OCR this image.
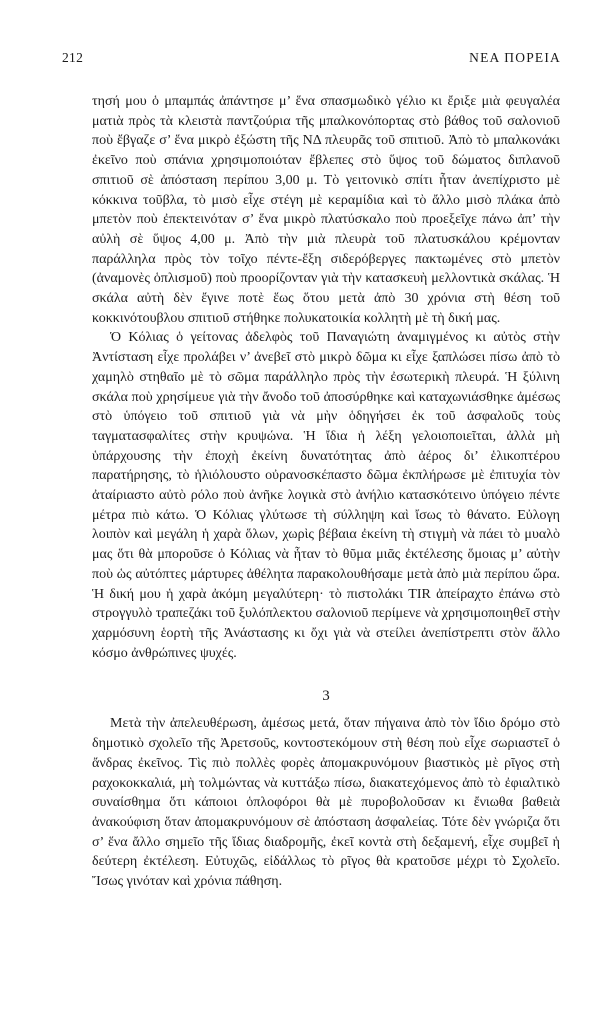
212	ΝΕΑ ΠΟΡΕΙΑ

τησή μου ὁ μπαμπάς ἀπάντησε μ’ ἕνα σπασμωδικὸ γέλιο κι ἔριξε μιὰ φευγαλέα ματιὰ πρὸς τὰ κλειστὰ παντζούρια τῆς μπαλκονόπορτας στὸ βάθος τοῦ σαλονιοῦ ποὺ ἔβγαζε σ’ ἕνα μικρὸ ἐξώστη τῆς ΝΔ πλευρᾶς τοῦ σπιτιοῦ. Ἀπὸ τὸ μπαλκονάκι ἐκεῖνο ποὺ σπάνια χρησιμοποιόταν ἔβλεπες στὸ ὕψος τοῦ δώματος διπλανοῦ σπιτιοῦ σὲ ἀπόσταση περίπου 3,00 μ. Τὸ γειτονικὸ σπίτι ἦταν ἀνεπίχριστο μὲ κόκκινα τοῦβλα, τὸ μισὸ εἶχε στέγη μὲ κεραμίδια καὶ τὸ ἄλλο μισὸ πλάκα ἀπὸ μπετὸν ποὺ ἐπεκτεινόταν σ’ ἕνα μικρὸ πλατύσκαλο ποὺ προεξεῖχε πάνω ἀπ’ τὴν αὐλὴ σὲ ὕψος 4,00 μ. Ἀπὸ τὴν μιὰ πλευρὰ τοῦ πλατυσκάλου κρέμονταν παράλληλα πρὸς τὸν τοῖχο πέντε-ἔξη σιδερόβεργες πακτωμένες στὸ μπετὸν (ἀναμονὲς ὁπλισμοῦ) ποὺ προορίζονταν γιὰ τὴν κατασκευὴ μελλοντικὰ σκάλας. Ἡ σκάλα αὐτὴ δὲν ἔγινε ποτὲ ἕως ὅτου μετὰ ἀπὸ 30 χρόνια στὴ θέση τοῦ κοκκινότουβλου σπιτιοῦ στήθηκε πολυκατοικία κολλητὴ μὲ τὴ δική μας.

Ὁ Κόλιας ὁ γείτονας ἀδελφὸς τοῦ Παναγιώτη ἀναμιγμένος κι αὐτὸς στὴν Ἀντίσταση εἶχε προλάβει ν’ ἀνεβεῖ στὸ μικρὸ δῶμα κι εἶχε ξαπλώσει πίσω ἀπὸ τὸ χαμηλὸ στηθαῖο μὲ τὸ σῶμα παράλληλο πρὸς τὴν ἐσωτερικὴ πλευρά. Ἡ ξύλινη σκάλα ποὺ χρησίμευε γιὰ τὴν ἄνοδο τοῦ ἀποσύρθηκε καὶ καταχωνιάσθηκε ἀμέσως στὸ ὑπόγειο τοῦ σπιτιοῦ γιὰ νὰ μὴν ὁδηγήσει ἐκ τοῦ ἀσφαλοῦς τοὺς ταγματασφαλίτες στὴν κρυψώνα. Ἡ ἴδια ἡ λέξη γελοιοποιεῖται, ἀλλὰ μὴ ὑπάρχουσης τὴν ἐποχὴ ἐκείνη δυνατότητας ἀπὸ ἀέρος δι’ ἑλικοπτέρου παρατήρησης, τὸ ἡλιόλουστο οὐρανοσκέπαστο δῶμα ἐκπλήρωσε μὲ ἐπιτυχία τὸν ἀταίριαστο αὐτὸ ρόλο ποὺ ἀνῆκε λογικὰ στὸ ἀνήλιο κατασκότεινο ὑπόγειο πέντε μέτρα πιὸ κάτω. Ὁ Κόλιας γλύτωσε τὴ σύλληψη καὶ ἴσως τὸ θάνατο. Εὐλογη λοιπὸν καὶ μεγάλη ἡ χαρὰ ὅλων, χωρὶς βέβαια ἐκείνη τὴ στιγμὴ νὰ πάει τὸ μυαλὸ μας ὅτι θὰ μποροῦσε ὁ Κόλιας νὰ ἦταν τὸ θῦμα μιᾶς ἐκτέλεσης ὅμοιας μ’ αὐτὴν ποὺ ὡς αὐτόπτες μάρτυρες ἀθέλητα παρακολουθήσαμε μετὰ ἀπὸ μιὰ περίπου ὥρα. Ἡ δική μου ἡ χαρὰ ἀκόμη μεγαλύτερη· τὸ πιστολάκι TIR ἀπείραχτο ἐπάνω στὸ στρογγυλὸ τραπεζάκι τοῦ ξυλόπλεκτου σαλονιοῦ περίμενε νὰ χρησιμοποιηθεῖ στὴν χαρμόσυνη ἑορτὴ τῆς Ἀνάστασης κι ὄχι γιὰ νὰ στείλει ἀνεπίστρεπτι στὸν ἄλλο κόσμο ἀνθρώπινες ψυχές.

3

Μετὰ τὴν ἀπελευθέρωση, ἀμέσως μετά, ὅταν πήγαινα ἀπὸ τὸν ἴδιο δρόμο στὸ δημοτικὸ σχολεῖο τῆς Ἀρετσοῦς, κοντοστεκόμουν στὴ θέση ποὺ εἶχε σωριαστεῖ ὁ ἄνδρας ἐκεῖνος. Τὶς πιὸ πολλὲς φορὲς ἀπομακρυνόμουν βιαστικὸς μὲ ρῖγος στὴ ραχοκοκκαλιά, μὴ τολμώντας νὰ κυττάξω πίσω, διακατεχόμενος ἀπὸ τὸ ἐφιαλτικὸ συναίσθημα ὅτι κάποιοι ὁπλοφόροι θὰ μὲ πυροβολοῦσαν κι ἔνιωθα βαθειὰ ἀνακούφιση ὅταν ἀπομακρυνόμουν σὲ ἀπόσταση ἀσφαλείας. Τότε δὲν γνώριζα ὅτι σ’ ἕνα ἄλλο σημεῖο τῆς ἴδιας διαδρομῆς, ἐκεῖ κοντὰ στὴ δεξαμενή, εἶχε συμβεῖ ἡ δεύτερη ἐκτέλεση. Εὐτυχῶς, εἰδάλλως τὸ ρῖγος θὰ κρατοῦσε μέχρι τὸ Σχολεῖο. Ἴσως γινόταν καὶ χρόνια πάθηση.
